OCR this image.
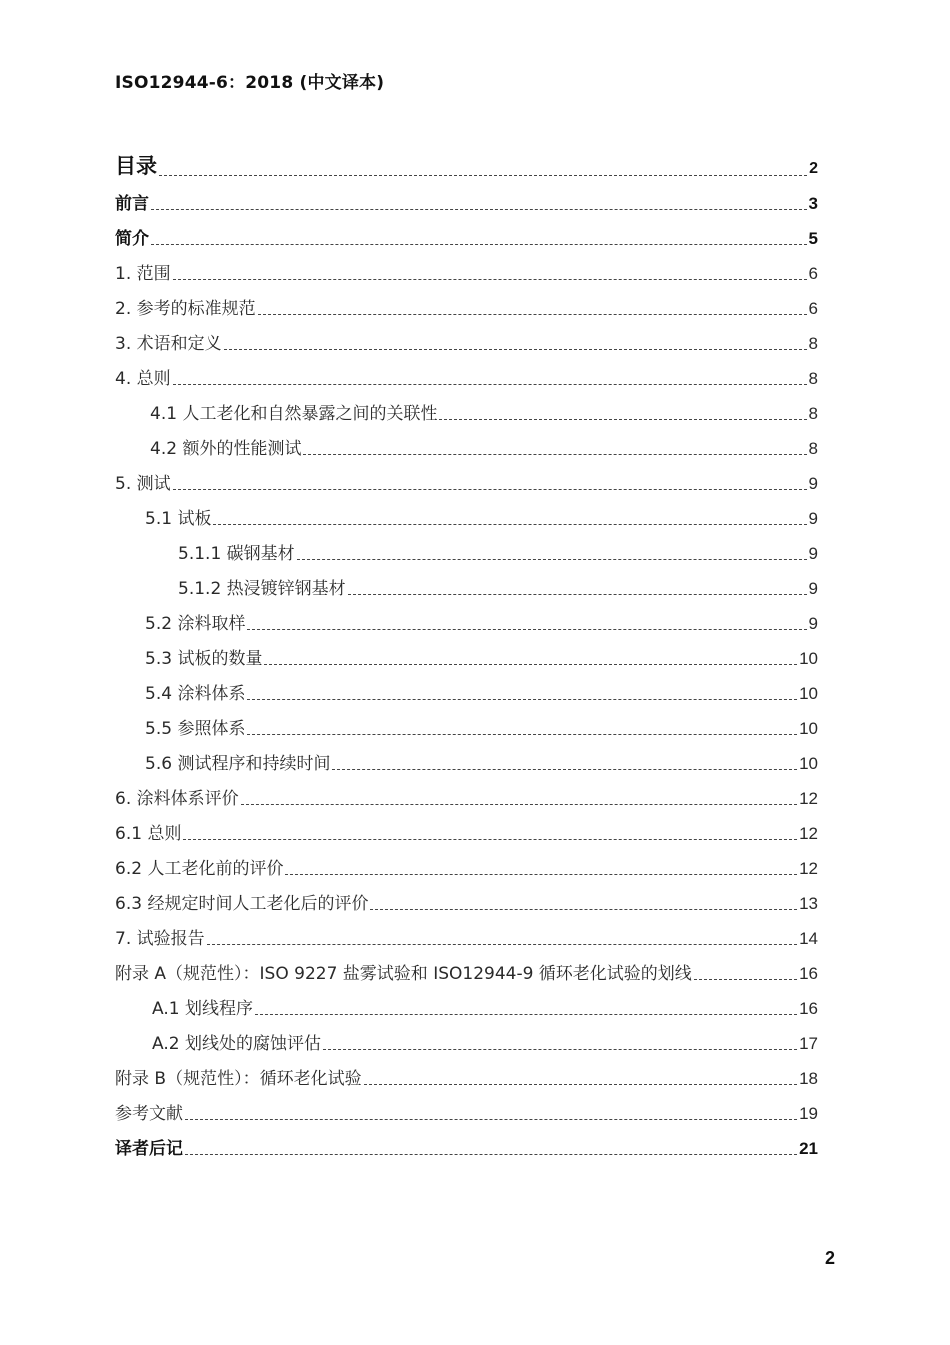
ISO12944-6：2018 (中文译本)
目录	2
前言	3
简介	5
1. 范围	6
2. 参考的标准规范	6
3. 术语和定义	8
4. 总则	8
4.1 人工老化和自然暴露之间的关联性	8
4.2 额外的性能测试	8
5. 测试	9
5.1 试板	9
5.1.1 碳钢基材	9
5.1.2 热浸镀锌钢基材	9
5.2 涂料取样	9
5.3 试板的数量	10
5.4 涂料体系	10
5.5 参照体系	10
5.6 测试程序和持续时间	10
6. 涂料体系评价	12
6.1 总则	12
6.2 人工老化前的评价	12
6.3 经规定时间人工老化后的评价	13
7. 试验报告	14
附录 A（规范性）：ISO 9227 盐雾试验和 ISO12944-9 循环老化试验的划线	16
A.1 划线程序	16
A.2 划线处的腐蚀评估	17
附录 B（规范性）：循环老化试验	18
参考文献	19
译者后记	21
2
